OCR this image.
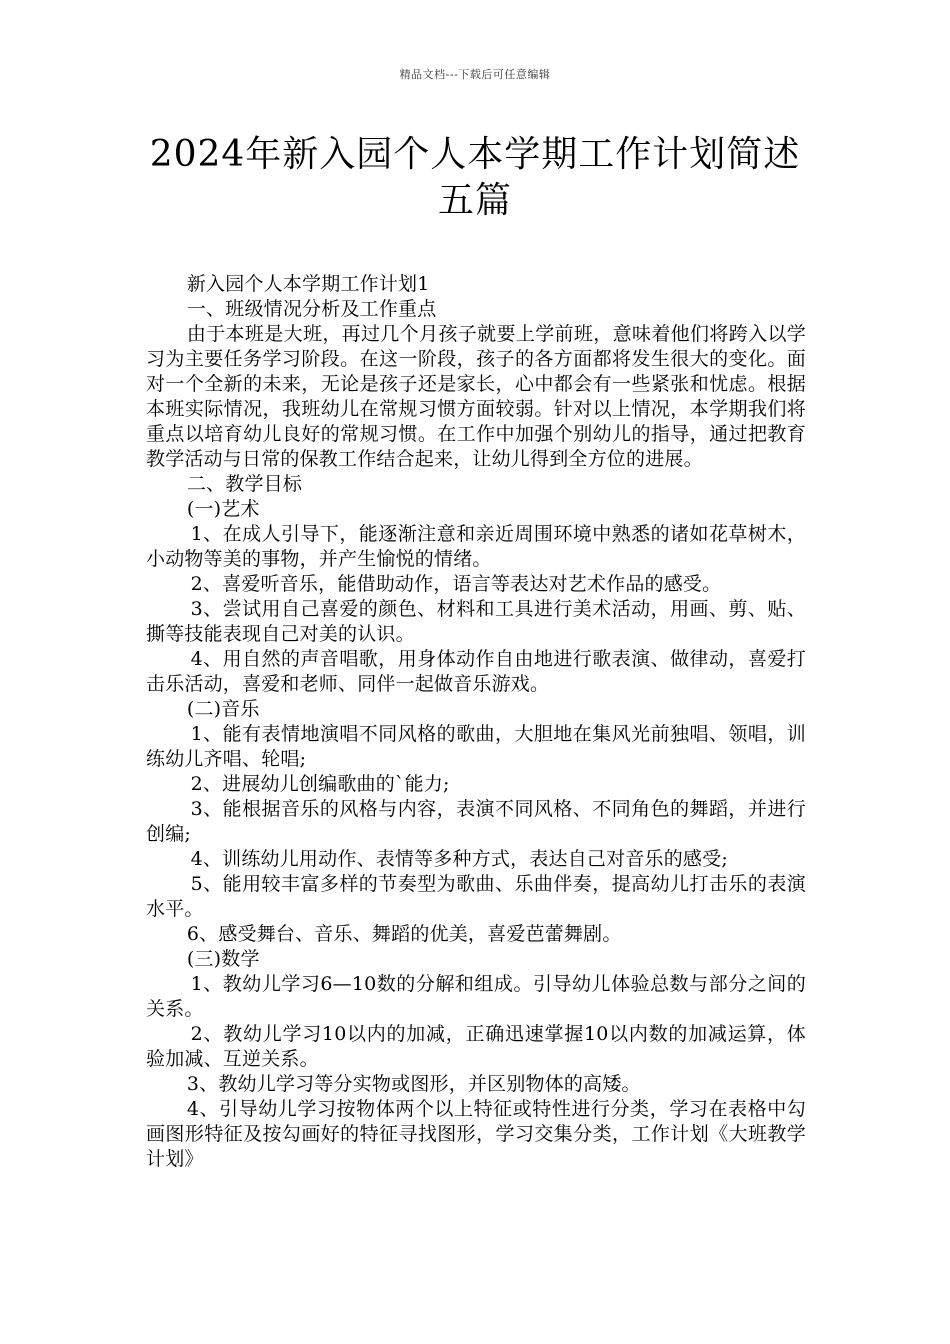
精品文档---下载后可任意编辑
2024年新入园个人本学期工作计划简述五篇

新入园个人本学期工作计划1

一、班级情况分析及工作重点

由于本班是大班，再过几个月孩子就要上学前班，意味着他们将跨入以学习为主要任务学习阶段。在这一阶段，孩子的各方面都将发生很大的变化。面对一个全新的未来，无论是孩子还是家长，心中都会有一些紧张和忧虑。根据本班实际情况，我班幼儿在常规习惯方面较弱。针对以上情况，本学期我们将重点以培育幼儿良好的常规习惯。在工作中加强个别幼儿的指导，通过把教育教学活动与日常的保教工作结合起来，让幼儿得到全方位的进展。

二、教学目标

(一)艺术

1、在成人引导下，能逐渐注意和亲近周围环境中熟悉的诸如花草树木，小动物等美的事物，并产生愉悦的情绪。

2、喜爱听音乐，能借助动作，语言等表达对艺术作品的感受。

3、尝试用自己喜爱的颜色、材料和工具进行美术活动，用画、剪、贴、撕等技能表现自己对美的认识。

4、用自然的声音唱歌，用身体动作自由地进行歌表演、做律动，喜爱打击乐活动，喜爱和老师、同伴一起做音乐游戏。

(二)音乐

1、能有表情地演唱不同风格的歌曲，大胆地在集风光前独唱、领唱，训练幼儿齐唱、轮唱;

2、进展幼儿创编歌曲的`能力;

3、能根据音乐的风格与内容，表演不同风格、不同角色的舞蹈，并进行创编;

4、训练幼儿用动作、表情等多种方式，表达自己对音乐的感受;

5、能用较丰富多样的节奏型为歌曲、乐曲伴奏，提高幼儿打击乐的表演水平。

6、感受舞台、音乐、舞蹈的优美，喜爱芭蕾舞剧。

(三)数学

1、教幼儿学习6—10数的分解和组成。引导幼儿体验总数与部分之间的关系。

2、教幼儿学习10以内的加减，正确迅速掌握10以内数的加减运算，体验加减、互逆关系。

3、教幼儿学习等分实物或图形，并区别物体的高矮。

4、引导幼儿学习按物体两个以上特征或特性进行分类，学习在表格中勾画图形特征及按勾画好的特征寻找图形，学习交集分类，工作计划《大班教学计划》
